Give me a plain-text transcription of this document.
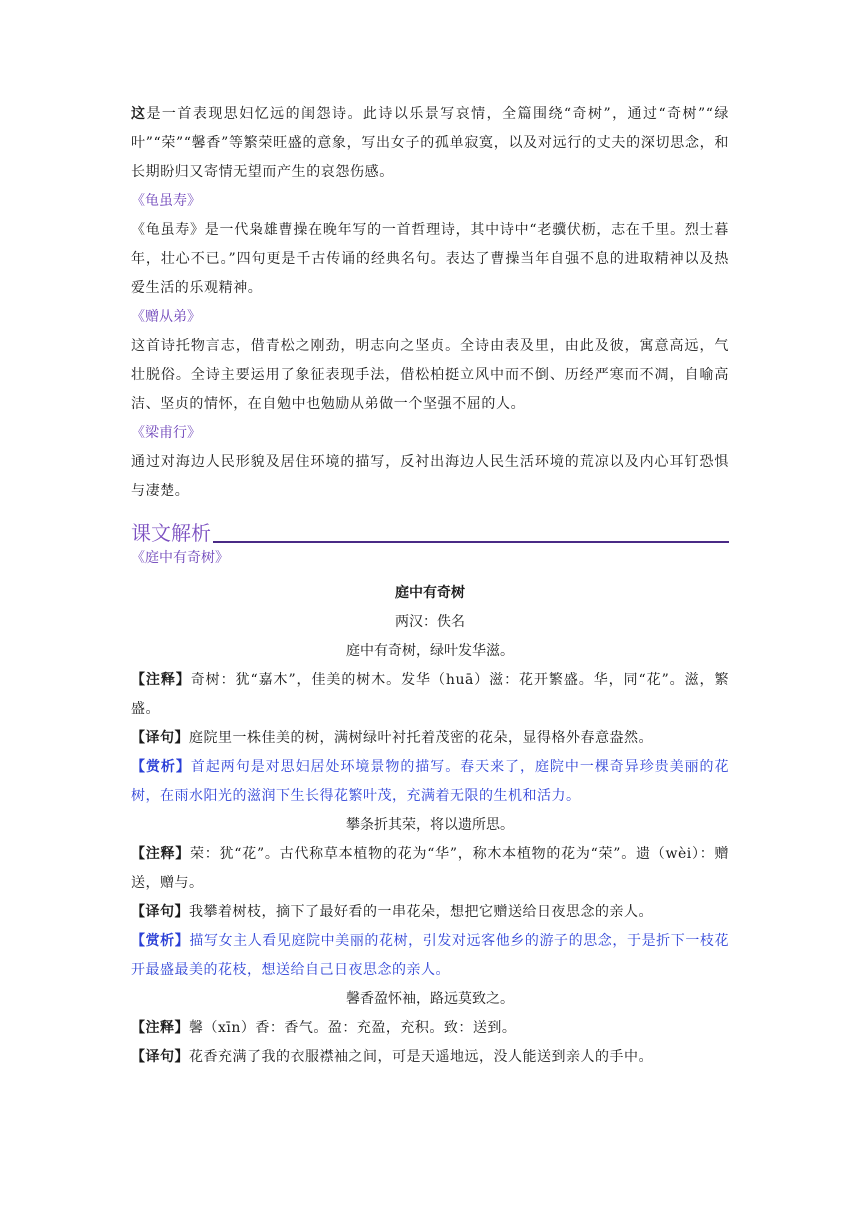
这是一首表现思妇忆远的闺怨诗。此诗以乐景写哀情，全篇围绕“奇树”，通过“奇树”“绿叶”“荣”“馨香”等繁荣旺盛的意象，写出女子的孤单寂寞，以及对远行的丈夫的深切思念，和长期盼归又寄情无望而产生的哀怨伤感。

《龟虽寿》

《龟虽寿》是一代枭雄曹操在晚年写的一首哲理诗，其中诗中“老骥伏枥，志在千里。烈士暮年，壮心不已。”四句更是千古传诵的经典名句。表达了曹操当年自强不息的进取精神以及热爱生活的乐观精神。

《赠从弟》

这首诗托物言志，借青松之刚劲，明志向之坚贞。全诗由表及里，由此及彼，寓意高远，气壮脱俗。全诗主要运用了象征表现手法，借松柏挺立风中而不倒、历经严寒而不凋，自喻高洁、坚贞的情怀，在自勉中也勉励从弟做一个坚强不屈的人。

《梁甫行》

通过对海边人民形貌及居住环境的描写，反衬出海边人民生活环境的荒凉以及内心耳钉恐惧与凄楚。

课文解析

《庭中有奇树》

庭中有奇树

两汉：佚名

庭中有奇树，绿叶发华滋。

【注释】奇树：犹“嘉木”，佳美的树木。发华（huā）滋：花开繁盛。华，同“花”。滋，繁盛。

【译句】庭院里一株佳美的树，满树绿叶衬托着茂密的花朵，显得格外春意盎然。

【赏析】首起两句是对思妇居处环境景物的描写。春天来了，庭院中一棵奇异珍贵美丽的花树，在雨水阳光的滋润下生长得花繁叶茂，充满着无限的生机和活力。

攀条折其荣，将以遗所思。

【注释】荣：犹“花”。古代称草本植物的花为“华”，称木本植物的花为“荣”。遗（wèi）：赠送，赠与。

【译句】我攀着树枝，摘下了最好看的一串花朵，想把它赠送给日夜思念的亲人。

【赏析】描写女主人看见庭院中美丽的花树，引发对远客他乡的游子的思念，于是折下一枝花开最盛最美的花枝，想送给自己日夜思念的亲人。

馨香盈怀袖，路远莫致之。

【注释】馨（xīn）香：香气。盈：充盈，充积。致：送到。

【译句】花香充满了我的衣服襟袖之间，可是天遥地远，没人能送到亲人的手中。
